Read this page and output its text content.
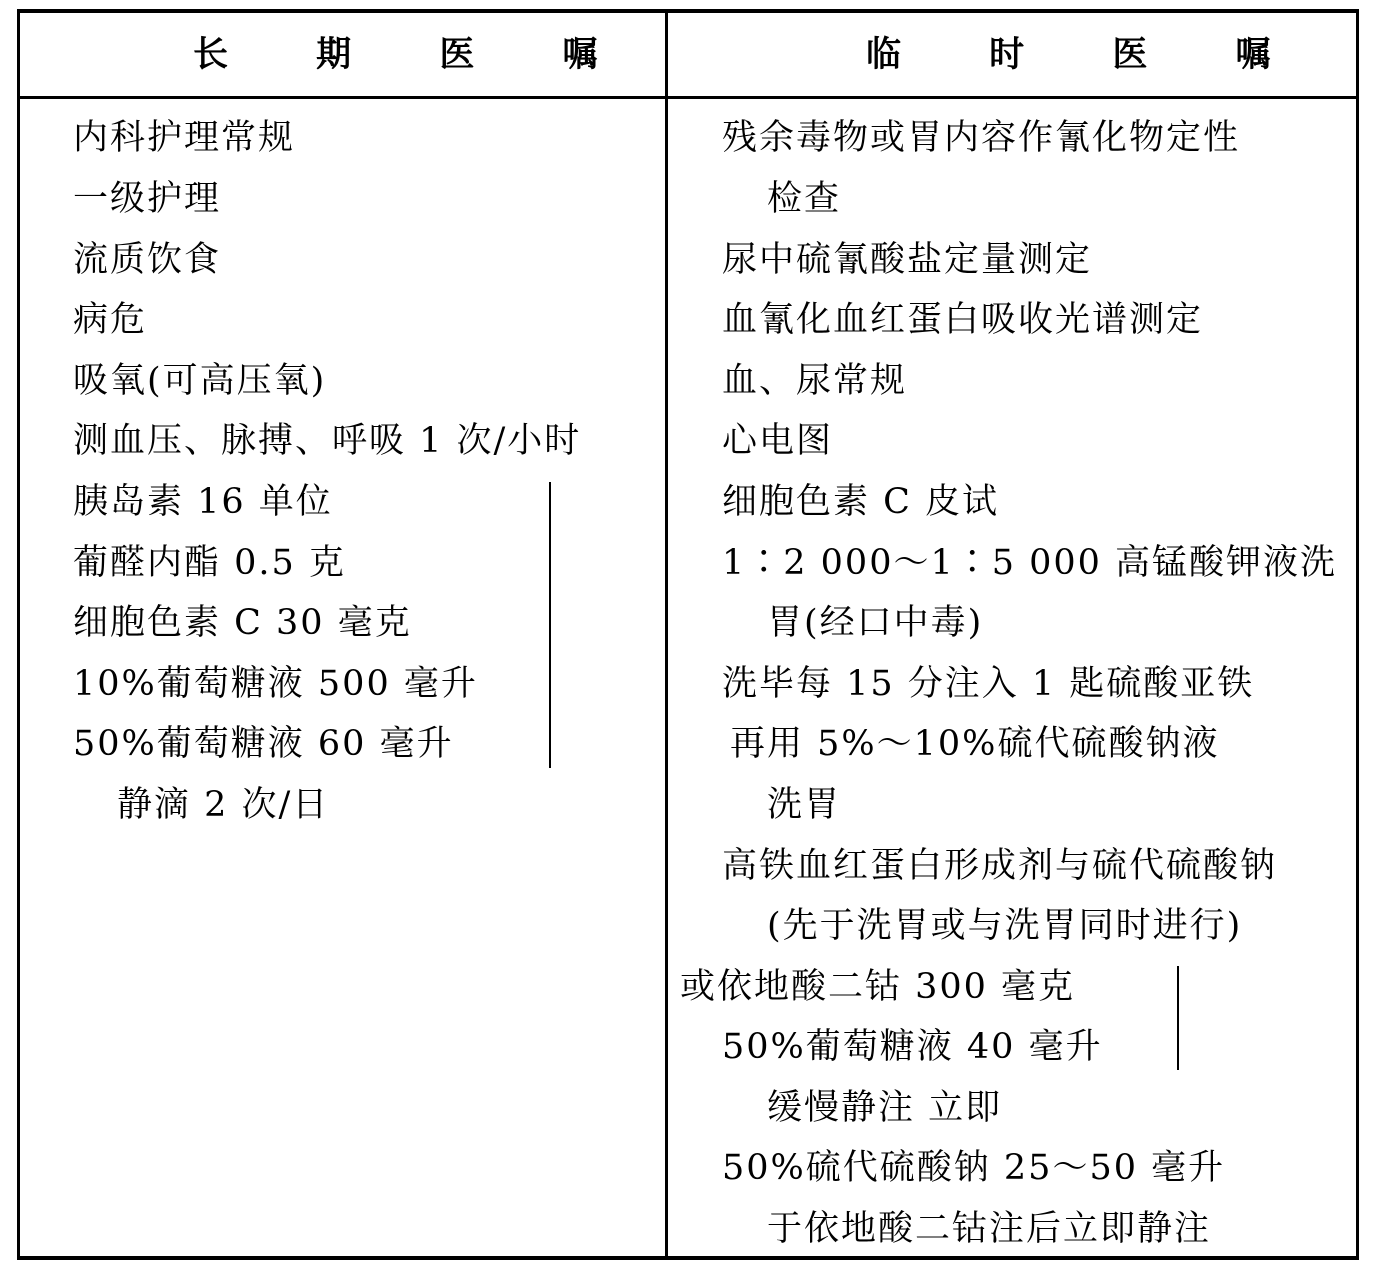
长 期 医 嘱	临 时 医 嘱
内科护理常规
一级护理
流质饮食
病危
吸氧(可高压氧)
测血压、脉搏、呼吸 1 次/小时
胰岛素 16 单位
葡醛内酯 0.5 克
细胞色素 C 30 毫克
10%葡萄糖液 500 毫升
50%葡萄糖液 60 毫升
静滴 2 次/日
残余毒物或胃内容作氰化物定性
检查
尿中硫氰酸盐定量测定
血氰化血红蛋白吸收光谱测定
血、尿常规
心电图
细胞色素 C 皮试
1∶2 000～1∶5 000 高锰酸钾液洗
胃(经口中毒)
洗毕每 15 分注入 1 匙硫酸亚铁
再用 5%～10%硫代硫酸钠液
洗胃
高铁血红蛋白形成剂与硫代硫酸钠
(先于洗胃或与洗胃同时进行)
或依地酸二钴 300 毫克
50%葡萄糖液 40 毫升
缓慢静注 立即
50%硫代硫酸钠 25～50 毫升
于依地酸二钴注后立即静注
